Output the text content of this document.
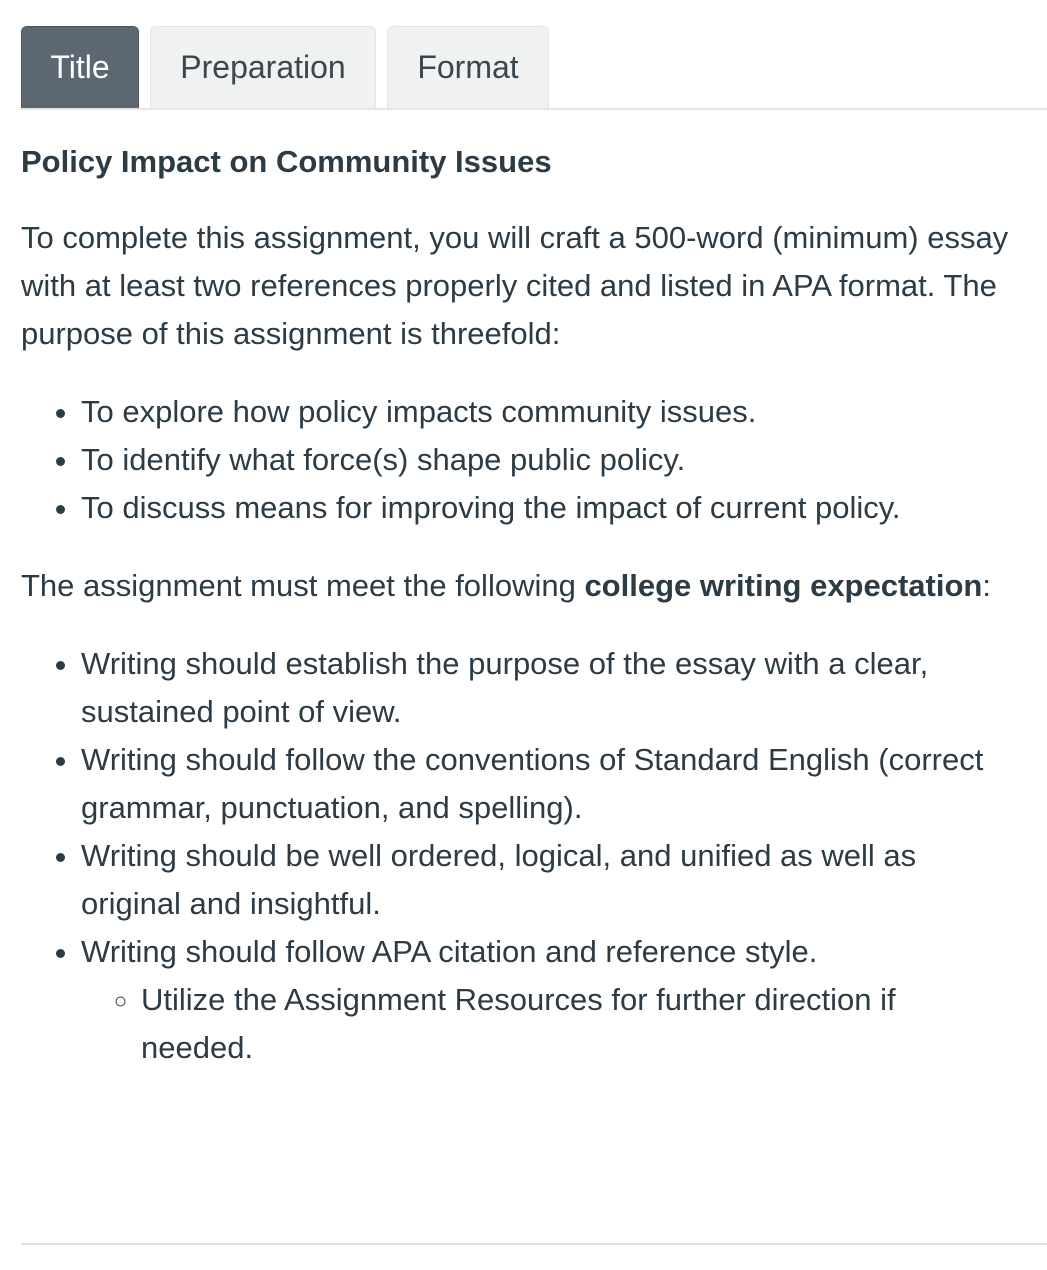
Title	Preparation	Format
Policy Impact on Community Issues

To complete this assignment, you will craft a 500-word (minimum) essay with at least two references properly cited and listed in APA format. The purpose of this assignment is threefold:

• To explore how policy impacts community issues.
• To identify what force(s) shape public policy.
• To discuss means for improving the impact of current policy.

The assignment must meet the following college writing expectation:

• Writing should establish the purpose of the essay with a clear, sustained point of view.
• Writing should follow the conventions of Standard English (correct grammar, punctuation, and spelling).
• Writing should be well ordered, logical, and unified as well as original and insightful.
• Writing should follow APA citation and reference style.
◦ Utilize the Assignment Resources for further direction if needed.
